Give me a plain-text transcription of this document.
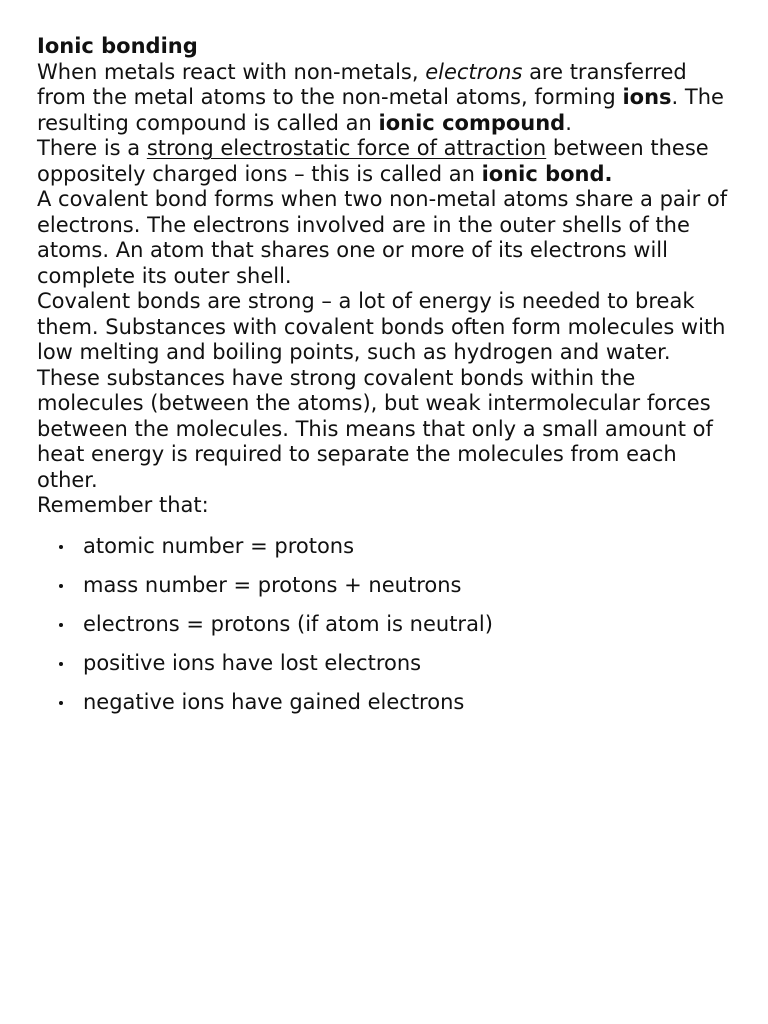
Ionic bonding

When metals react with non-metals, electrons are transferred from the metal atoms to the non-metal atoms, forming ions. The resulting compound is called an ionic compound.

There is a strong electrostatic force of attraction between these oppositely charged ions – this is called an ionic bond.

A covalent bond forms when two non-metal atoms share a pair of electrons. The electrons involved are in the outer shells of the atoms. An atom that shares one or more of its electrons will complete its outer shell.

Covalent bonds are strong – a lot of energy is needed to break them. Substances with covalent bonds often form molecules with low melting and boiling points, such as hydrogen and water. These substances have strong covalent bonds within the molecules (between the atoms), but weak intermolecular forces between the molecules. This means that only a small amount of heat energy is required to separate the molecules from each other.

Remember that:

atomic number = protons
mass number = protons + neutrons
electrons = protons (if atom is neutral)
positive ions have lost electrons
negative ions have gained electrons
